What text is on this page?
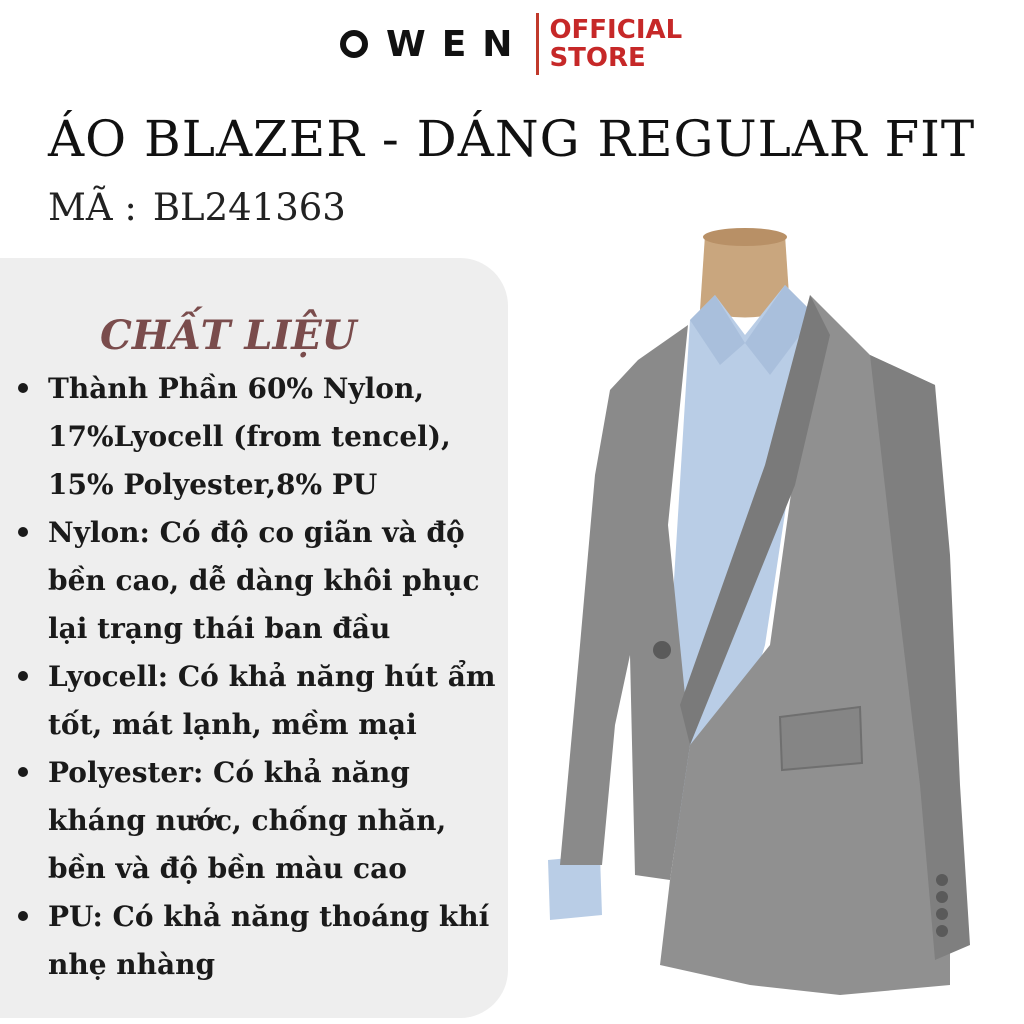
WEN OFFICIAL
STORE
ÁO BLAZER - DÁNG REGULAR FIT
MÃ : BL241363
CHẤT LIỆU
Thành Phần 60% Nylon, 17%Lyocell (from tencel), 15% Polyester,8% PU
Nylon: Có độ co giãn và độ bền cao, dễ dàng khôi phục lại trạng thái ban đầu
Lyocell: Có khả năng hút ẩm tốt, mát lạnh, mềm mại
Polyester: Có khả năng kháng nước, chống nhăn, bền và độ bền màu cao
PU: Có khả năng thoáng khí nhẹ nhàng
